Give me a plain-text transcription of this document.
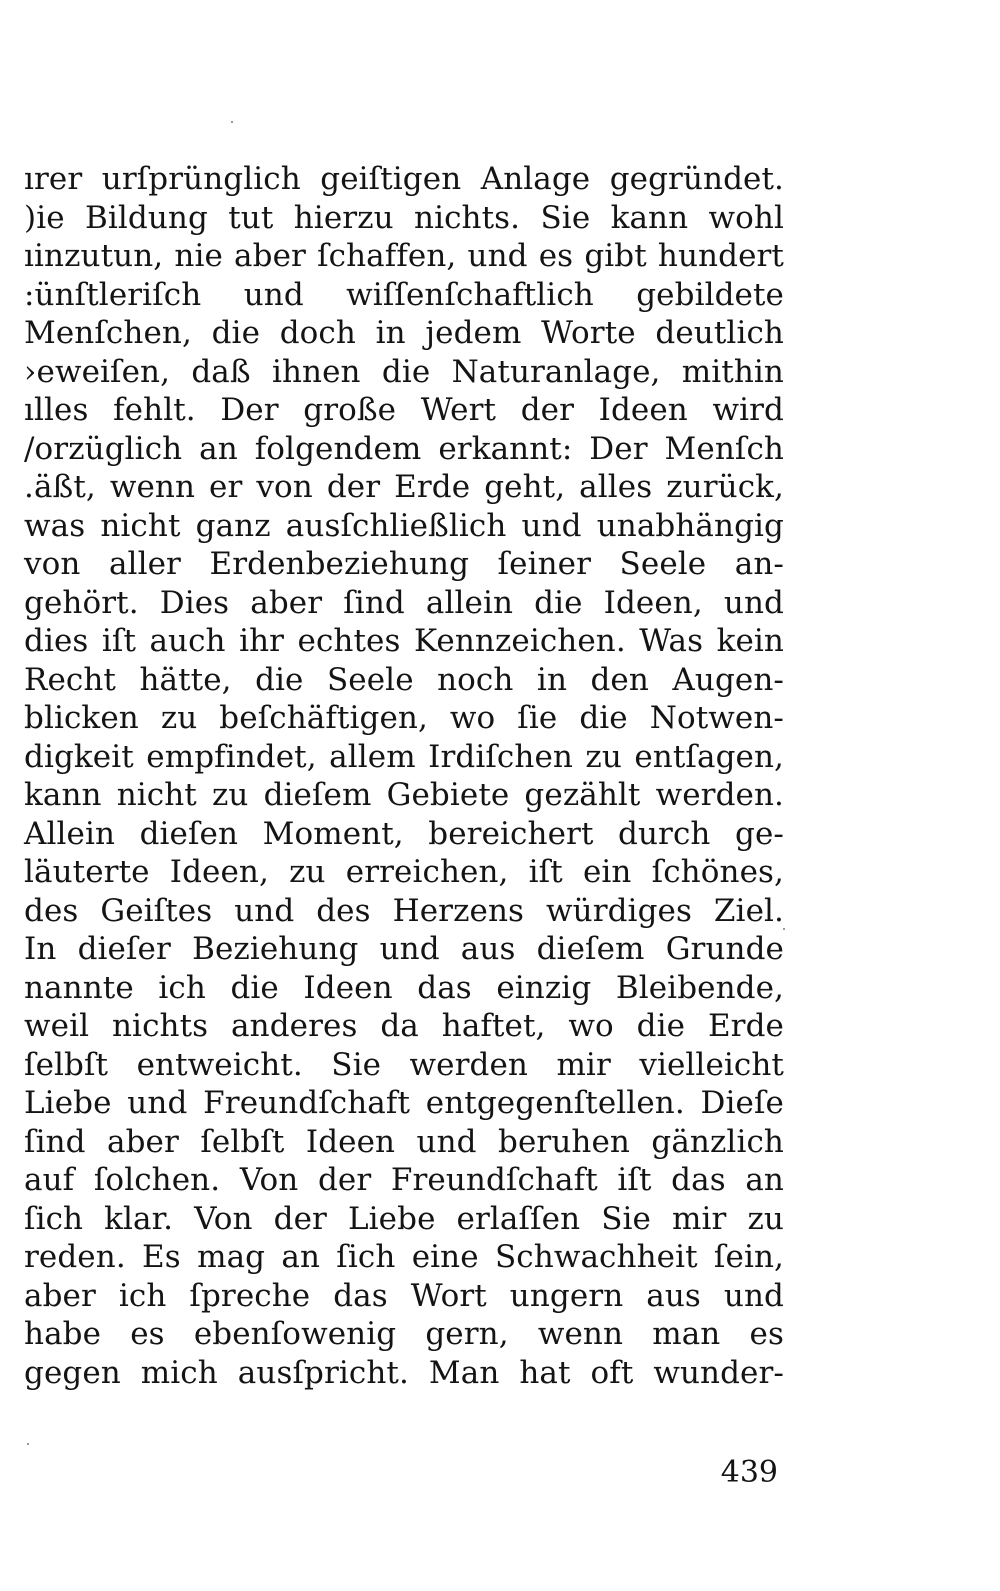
ırer urſprünglich geiſtigen Anlage gegründet.
)ie Bildung tut hierzu nichts. Sie kann wohl
ıinzutun, nie aber ſchaffen, und es gibt hundert
:ünſtleriſch und wiſſenſchaftlich gebildete
Menſchen, die doch in jedem Worte deutlich
›eweiſen, daß ihnen die Naturanlage, mithin
ılles fehlt. Der große Wert der Ideen wird
/orzüglich an folgendem erkannt: Der Menſch
.äßt, wenn er von der Erde geht, alles zurück,
was nicht ganz ausſchließlich und unabhängig
von aller Erdenbeziehung ſeiner Seele an-
gehört. Dies aber ſind allein die Ideen, und
dies iſt auch ihr echtes Kennzeichen. Was kein
Recht hätte, die Seele noch in den Augen-
blicken zu beſchäftigen, wo ſie die Notwen-
digkeit empfindet, allem Irdiſchen zu entſagen,
kann nicht zu dieſem Gebiete gezählt werden.
Allein dieſen Moment, bereichert durch ge-
läuterte Ideen, zu erreichen, iſt ein ſchönes,
des Geiſtes und des Herzens würdiges Ziel.
In dieſer Beziehung und aus dieſem Grunde
nannte ich die Ideen das einzig Bleibende,
weil nichts anderes da haftet, wo die Erde
ſelbſt entweicht. Sie werden mir vielleicht
Liebe und Freundſchaft entgegenſtellen. Dieſe
ſind aber ſelbſt Ideen und beruhen gänzlich
auf ſolchen. Von der Freundſchaft iſt das an
ſich klar. Von der Liebe erlaſſen Sie mir zu
reden. Es mag an ſich eine Schwachheit ſein,
aber ich ſpreche das Wort ungern aus und
habe es ebenſowenig gern, wenn man es
gegen mich ausſpricht. Man hat oft wunder-
439
